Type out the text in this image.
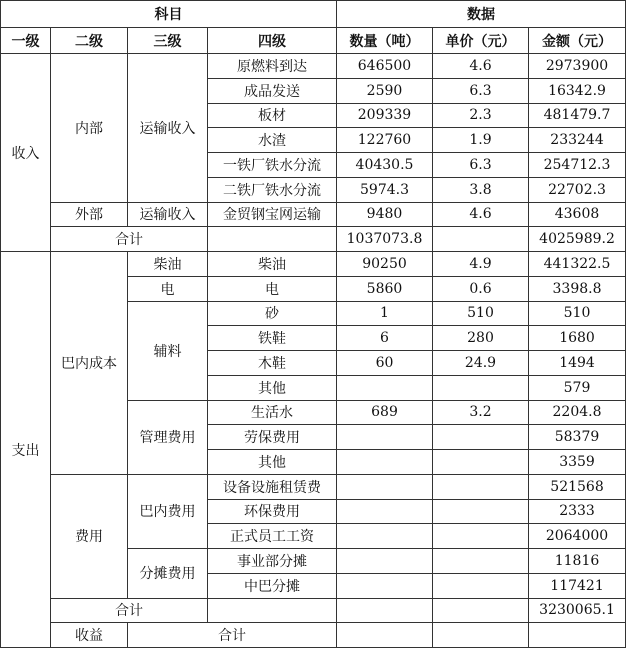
科目				数据			
一级	二级	三级	四级	数量（吨）	单价（元）	金额（元）	
收入	内部	运输收入	原燃料到达	646500	4.6	2973900	
			成品发送	2590	6.3	16342.9	
			板材	209339	2.3	481479.7	
			水渣	122760	1.9	233244	
			一铁厂铁水分流	40430.5	6.3	254712.3	
			二铁厂铁水分流	5974.3	3.8	22702.3	
	外部	运输收入	金贸钢宝网运输	9480	4.6	43608	
	合计			1037073.8		4025989.2	
支出	巴内成本	柴油	柴油	90250	4.9	441322.5	
		电	电	5860	0.6	3398.8	
		辅料	砂	1	510	510	
			铁鞋	6	280	1680	
			木鞋	60	24.9	1494	
			其他			579	
		管理费用	生活水	689	3.2	2204.8	
			劳保费用			58379	
			其他			3359	
	费用	巴内费用	设备设施租赁费			521568	
			环保费用			2333	
			正式员工工资			2064000	
		分摊费用	事业部分摊			11816	
			中巴分摊			117421	
	合计					3230065.1	
	收益	合计				
